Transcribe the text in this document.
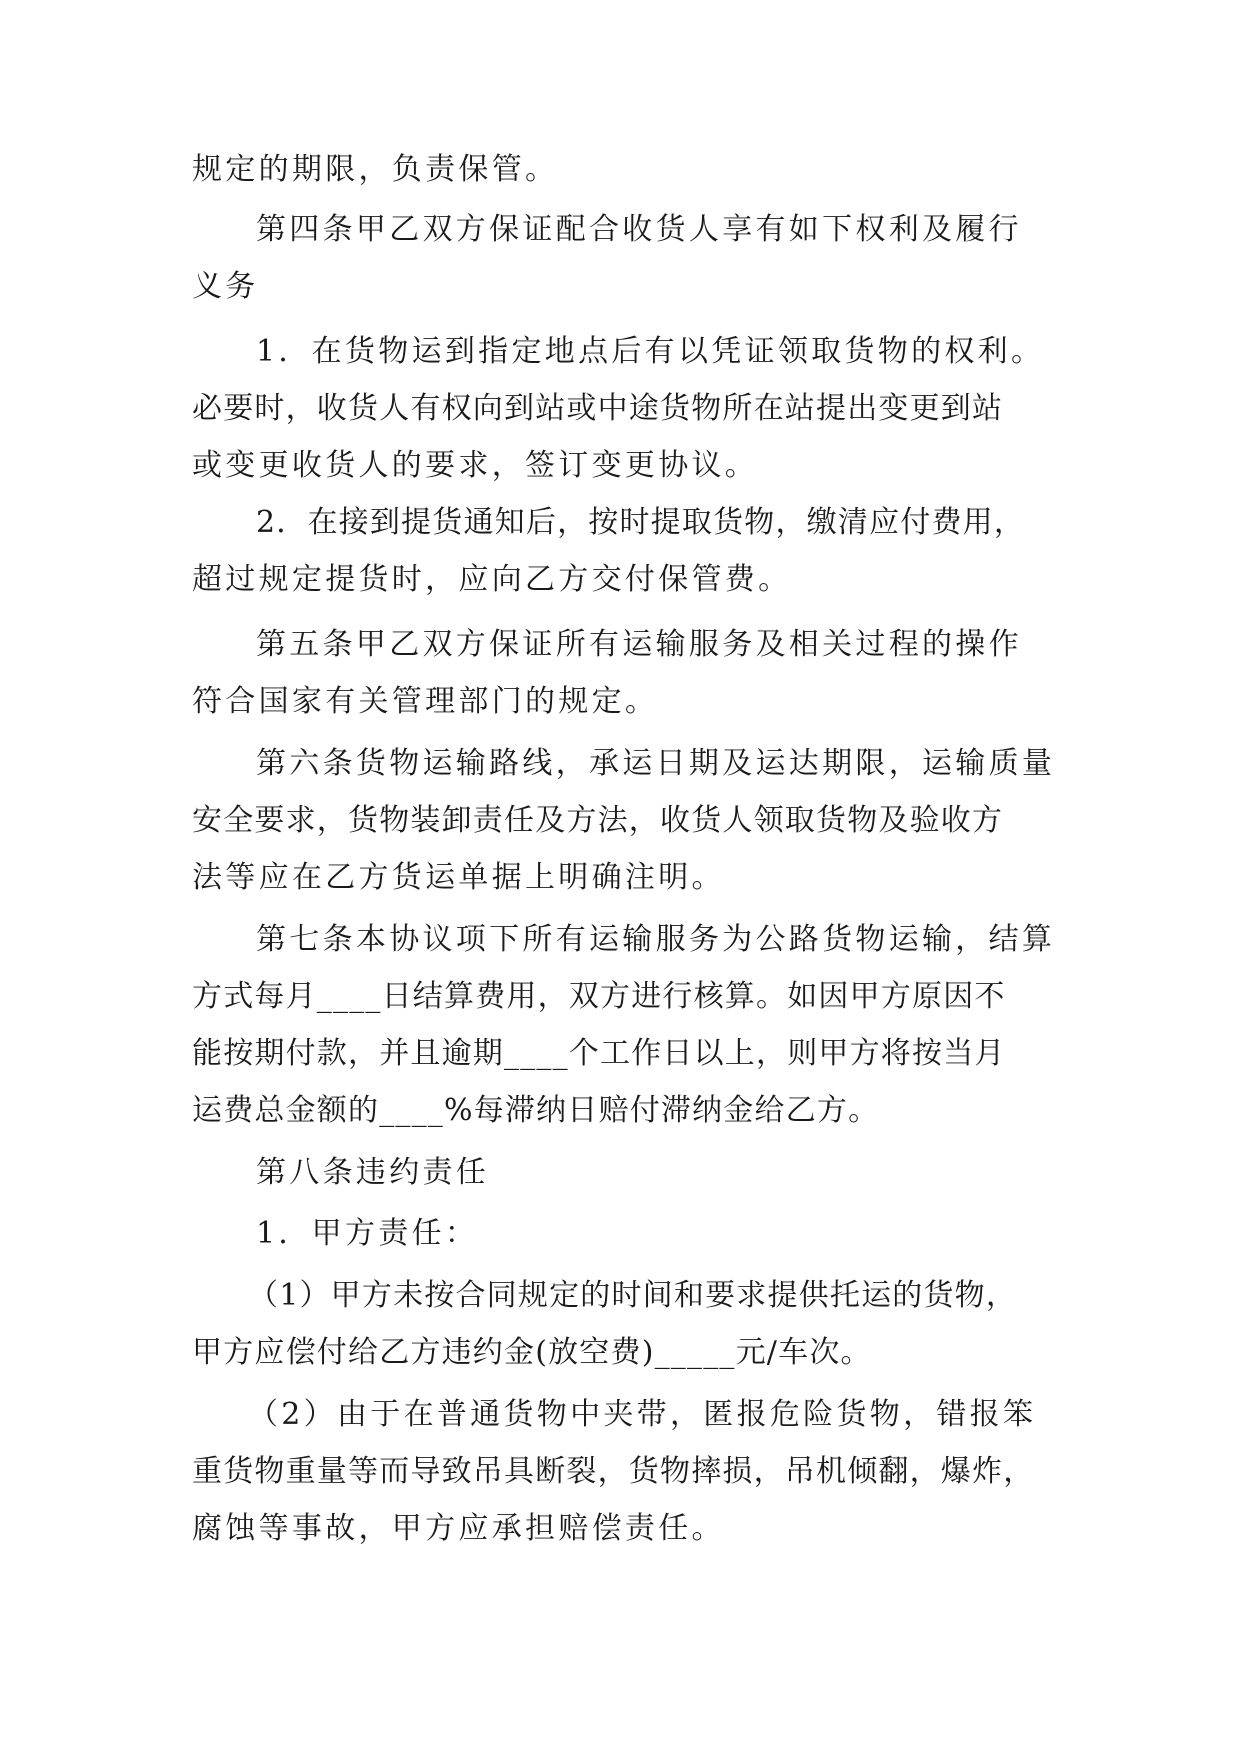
规定的期限，负责保管。
第四条甲乙双方保证配合收货人享有如下权利及履行
义务
1．在货物运到指定地点后有以凭证领取货物的权利。
必要时，收货人有权向到站或中途货物所在站提出变更到站
或变更收货人的要求，签订变更协议。
2．在接到提货通知后，按时提取货物，缴清应付费用，
超过规定提货时，应向乙方交付保管费。
第五条甲乙双方保证所有运输服务及相关过程的操作
符合国家有关管理部门的规定。
第六条货物运输路线，承运日期及运达期限，运输质量
安全要求，货物装卸责任及方法，收货人领取货物及验收方
法等应在乙方货运单据上明确注明。
第七条本协议项下所有运输服务为公路货物运输，结算
方式每月____日结算费用，双方进行核算。如因甲方原因不
能按期付款，并且逾期____个工作日以上，则甲方将按当月
运费总金额的____%每滞纳日赔付滞纳金给乙方。
第八条违约责任
1．甲方责任：
（1）甲方未按合同规定的时间和要求提供托运的货物，
甲方应偿付给乙方违约金(放空费)_____元/车次。
（2）由于在普通货物中夹带，匿报危险货物，错报笨
重货物重量等而导致吊具断裂，货物摔损，吊机倾翻，爆炸，
腐蚀等事故，甲方应承担赔偿责任。
